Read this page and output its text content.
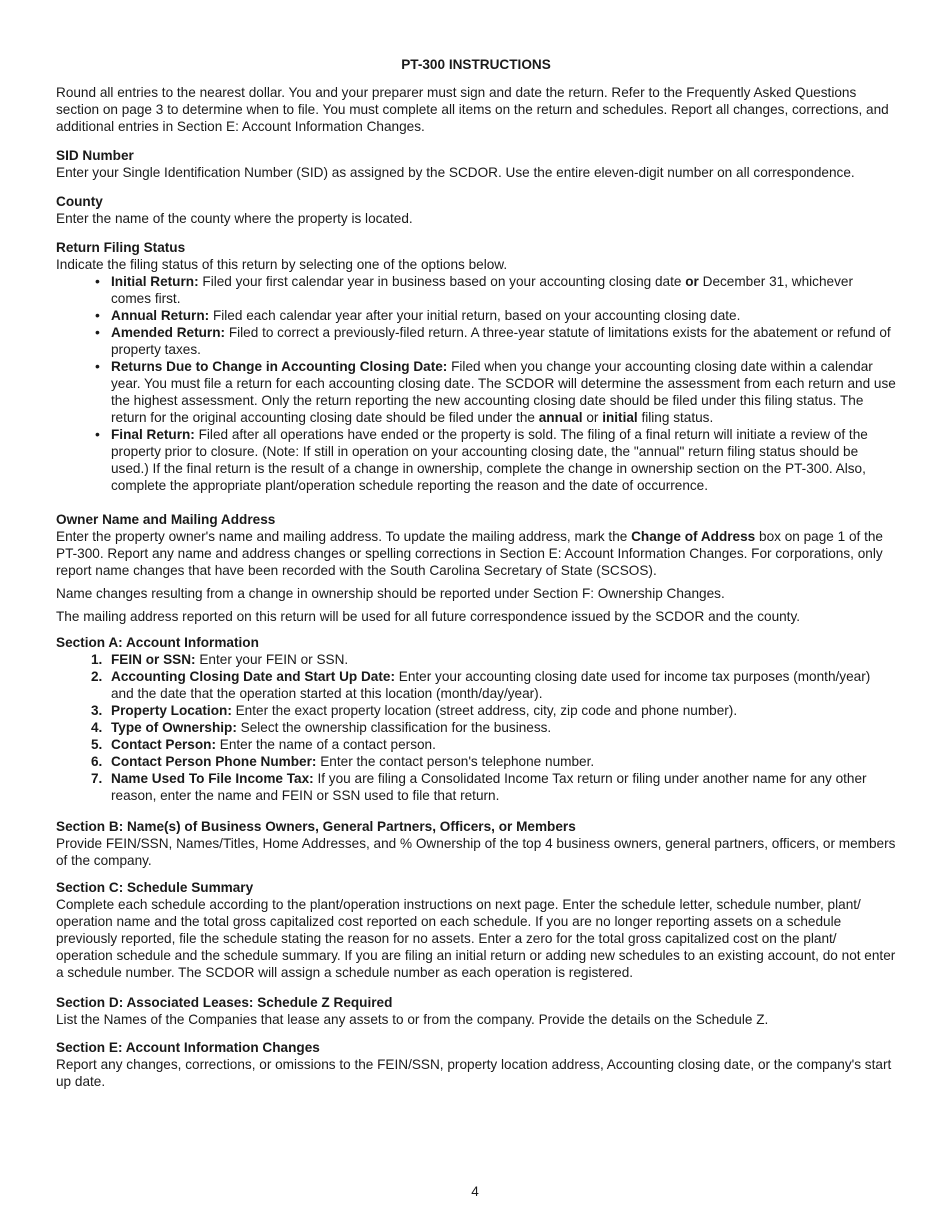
PT-300 INSTRUCTIONS

Round all entries to the nearest dollar. You and your preparer must sign and date the return. Refer to the Frequently Asked Questions section on page 3 to determine when to file. You must complete all items on the return and schedules. Report all changes, corrections, and additional entries in Section E: Account Information Changes.

SID Number

Enter your Single Identification Number (SID) as assigned by the SCDOR. Use the entire eleven-digit number on all correspondence.

County

Enter the name of the county where the property is located.

Return Filing Status

Indicate the filing status of this return by selecting one of the options below.

• Initial Return: Filed your first calendar year in business based on your accounting closing date or December 31, whichever comes first.
• Annual Return: Filed each calendar year after your initial return, based on your accounting closing date.
• Amended Return: Filed to correct a previously-filed return. A three-year statute of limitations exists for the abatement or refund of property taxes.
• Returns Due to Change in Accounting Closing Date: Filed when you change your accounting closing date within a calendar year. You must file a return for each accounting closing date. The SCDOR will determine the assessment from each return and use the highest assessment. Only the return reporting the new accounting closing date should be filed under this filing status. The return for the original accounting closing date should be filed under the annual or initial filing status.
• Final Return: Filed after all operations have ended or the property is sold. The filing of a final return will initiate a review of the property prior to closure. (Note: If still in operation on your accounting closing date, the "annual" return filing status should be used.) If the final return is the result of a change in ownership, complete the change in ownership section on the PT-300. Also, complete the appropriate plant/operation schedule reporting the reason and the date of occurrence.

Owner Name and Mailing Address

Enter the property owner's name and mailing address. To update the mailing address, mark the Change of Address box on page 1 of the PT-300. Report any name and address changes or spelling corrections in Section E: Account Information Changes. For corporations, only report name changes that have been recorded with the South Carolina Secretary of State (SCSOS).

Name changes resulting from a change in ownership should be reported under Section F: Ownership Changes.

The mailing address reported on this return will be used for all future correspondence issued by the SCDOR and the county.

Section A: Account Information

1. FEIN or SSN: Enter your FEIN or SSN.
2. Accounting Closing Date and Start Up Date: Enter your accounting closing date used for income tax purposes (month/year) and the date that the operation started at this location (month/day/year).
3. Property Location: Enter the exact property location (street address, city, zip code and phone number).
4. Type of Ownership: Select the ownership classification for the business.
5. Contact Person: Enter the name of a contact person.
6. Contact Person Phone Number: Enter the contact person's telephone number.
7. Name Used To File Income Tax: If you are filing a Consolidated Income Tax return or filing under another name for any other reason, enter the name and FEIN or SSN used to file that return.

Section B: Name(s) of Business Owners, General Partners, Officers, or Members

Provide FEIN/SSN, Names/Titles, Home Addresses, and % Ownership of the top 4 business owners, general partners, officers, or members of the company.

Section C: Schedule Summary

Complete each schedule according to the plant/operation instructions on next page. Enter the schedule letter, schedule number, plant/ operation name and the total gross capitalized cost reported on each schedule. If you are no longer reporting assets on a schedule previously reported, file the schedule stating the reason for no assets. Enter a zero for the total gross capitalized cost on the plant/ operation schedule and the schedule summary. If you are filing an initial return or adding new schedules to an existing account, do not enter a schedule number. The SCDOR will assign a schedule number as each operation is registered.

Section D: Associated Leases: Schedule Z Required

List the Names of the Companies that lease any assets to or from the company. Provide the details on the Schedule Z.

Section E: Account Information Changes

Report any changes, corrections, or omissions to the FEIN/SSN, property location address, Accounting closing date, or the company's start up date.

4
